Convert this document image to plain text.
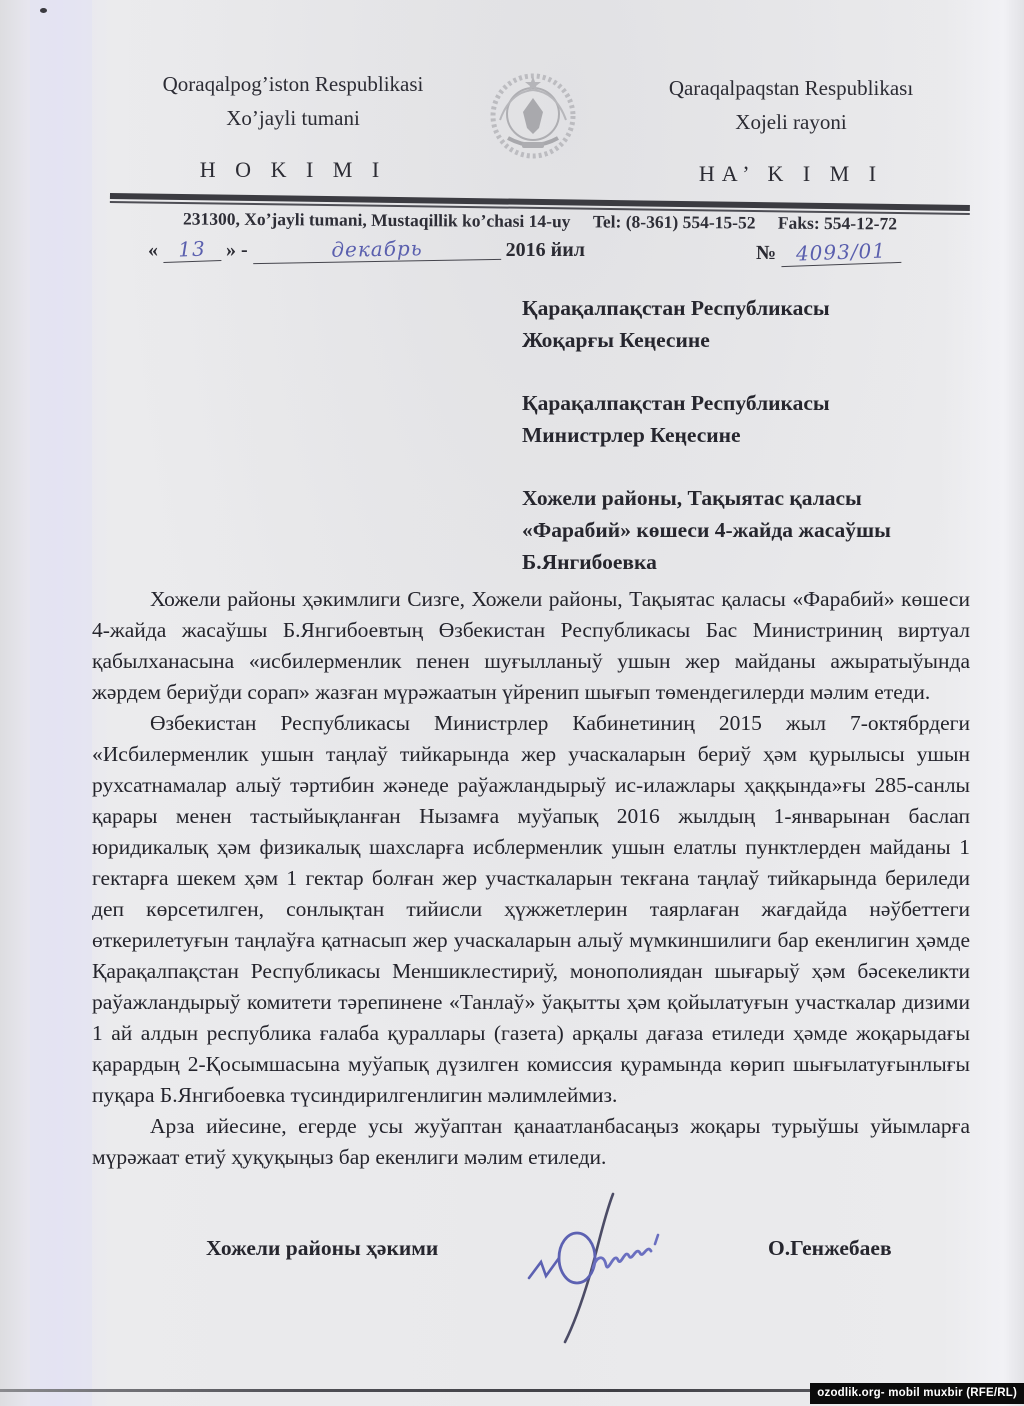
Qoraqalpog’iston Respublikasi
Xo’jayli tumani
H O K I M I
Qaraqalpaqstan Respublikası
Xojeli rayoni
HA’ K I M I
231300, Xo’jayli tumani, Mustaqillik ko’chasi 14-uy Tel: (8-361) 554-15-52 Faks: 554-12-72
« 13 » -	декабрь	2016 йил	№ 4093/01
Қарақалпақстан Республикасы
Жоқарғы Кеңесине
Қарақалпақстан Республикасы
Министрлер Кеңесине
Хожели районы, Тақыятас қаласы
«Фарабий» көшеси 4-жайда жасаўшы
Б.Янгибоевка

Хожели районы ҳәкимлиги Сизге, Хожели районы, Тақыятас қаласы «Фарабий» көшеси 4-жайда жасаўшы Б.Янгибоевтың Өзбекистан Республикасы Бас Министриниң виртуал қабылханасына «исбилерменлик пенен шуғылланыў ушын жер майданы ажыратыўында жәрдем бериўди сорап» жазған мүрәжаатын үйренип шығып төмендегилерди мәлим етеди.

Өзбекистан Республикасы Министрлер Кабинетиниң 2015 жыл 7-октябрдеги «Исбилерменлик ушын таңлаў тийкарында жер учаскаларын бериў ҳәм қурылысы ушын рухсатнамалар алыў тәртибин жәнеде раўажландырыў ис-илажлары ҳаққында»ғы 285-санлы қарары менен тастыйықланған Нызамға муўапық 2016 жылдың 1-январынан баслап юридикалық ҳәм физикалық шахсларға исблерменлик ушын елатлы пунктлерден майданы 1 гектарға шекем ҳәм 1 гектар болған жер участкаларын текғана таңлаў тийкарында бериледи деп көрсетилген, сонлықтан тийисли ҳүжжетлерин таярлаған жағдайда нәўбеттеги өткерилетуғын таңлаўға қатнасып жер учаскаларын алыў мүмкиншилиги бар екенлигин ҳәмде Қарақалпақстан Республикасы Меншиклестириў, монополиядан шығарыў ҳәм бәсекеликти раўажландырыў комитети тәрепинене «Танлаў» ўақытты ҳәм қойылатуғын участкалар дизими 1 ай алдын республика ғалаба қураллары (газета) арқалы дағаза етиледи ҳәмде жоқарыдағы қарардың 2-Қосымшасына муўапық дүзилген комиссия қурамында көрип шығылатуғынлығы пуқара Б.Янгибоевка түсиндирилгенлигин мәлимлеймиз.

Арза ийесине, егерде усы жуўаптан қанаатланбасаңыз жоқары турыўшы уйымларға мүрәжаат етиў ҳуқуқыңыз бар екенлиги мәлим етиледи.

Хожели районы ҳәкими	О.Генжебаев
ozodlik.org- mobil muxbir (RFE/RL)
